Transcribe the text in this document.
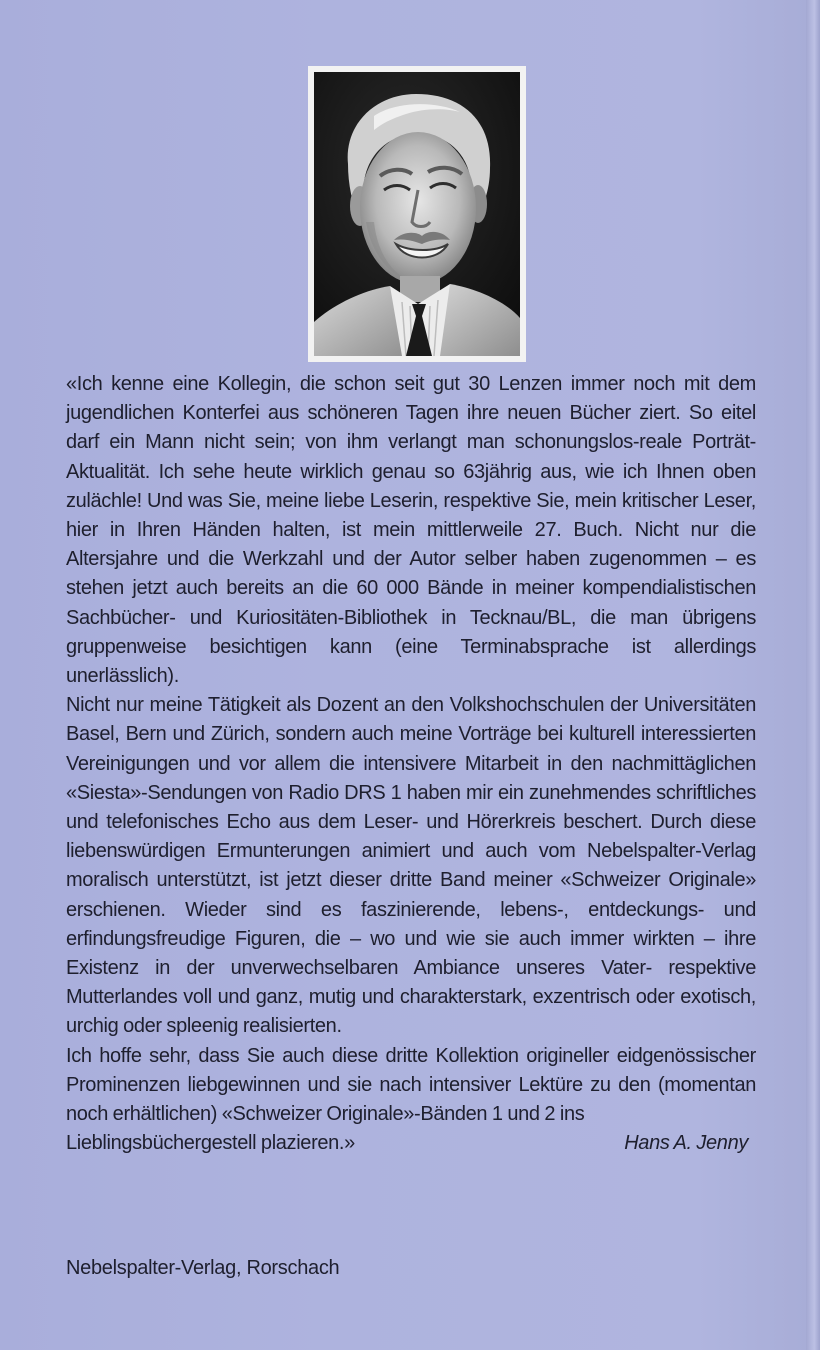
«Ich kenne eine Kollegin, die schon seit gut 30 Lenzen immer noch mit dem jugendlichen Konterfei aus schöneren Tagen ihre neuen Bücher ziert. So eitel darf ein Mann nicht sein; von ihm verlangt man schonungslos-reale Porträt-Aktualität. Ich sehe heute wirklich genau so 63jährig aus, wie ich Ihnen oben zulächle! Und was Sie, meine liebe Leserin, respektive Sie, mein kritischer Leser, hier in Ihren Händen halten, ist mein mittlerweile 27. Buch. Nicht nur die Altersjahre und die Werkzahl und der Autor selber haben zugenommen – es stehen jetzt auch bereits an die 60 000 Bände in meiner kompendialistischen Sachbücher- und Kuriositäten-Bibliothek in Tecknau/BL, die man übrigens gruppenweise besichtigen kann (eine Terminabsprache ist allerdings unerlässlich).

Nicht nur meine Tätigkeit als Dozent an den Volkshochschulen der Universitäten Basel, Bern und Zürich, sondern auch meine Vorträge bei kulturell interessierten Vereinigungen und vor allem die intensivere Mitarbeit in den nachmittäglichen «Siesta»-Sendungen von Radio DRS 1 haben mir ein zunehmendes schriftliches und telefonisches Echo aus dem Leser- und Hörerkreis beschert. Durch diese liebenswürdigen Ermunterungen animiert und auch vom Nebelspalter-Verlag moralisch unterstützt, ist jetzt dieser dritte Band meiner «Schweizer Originale» erschienen. Wieder sind es faszinierende, lebens-, entdeckungs- und erfindungsfreudige Figuren, die – wo und wie sie auch immer wirkten – ihre Existenz in der unverwechselbaren Ambiance unseres Vater- respektive Mutterlandes voll und ganz, mutig und charakterstark, exzentrisch oder exotisch, urchig oder spleenig realisierten.

Ich hoffe sehr, dass Sie auch diese dritte Kollektion origineller eidgenössischer Prominenzen liebgewinnen und sie nach intensiver Lektüre zu den (momentan noch erhältlichen) «Schweizer Originale»-Bänden 1 und 2 ins

Lieblingsbüchergestell plazieren.»	Hans A. Jenny
Nebelspalter-Verlag, Rorschach
